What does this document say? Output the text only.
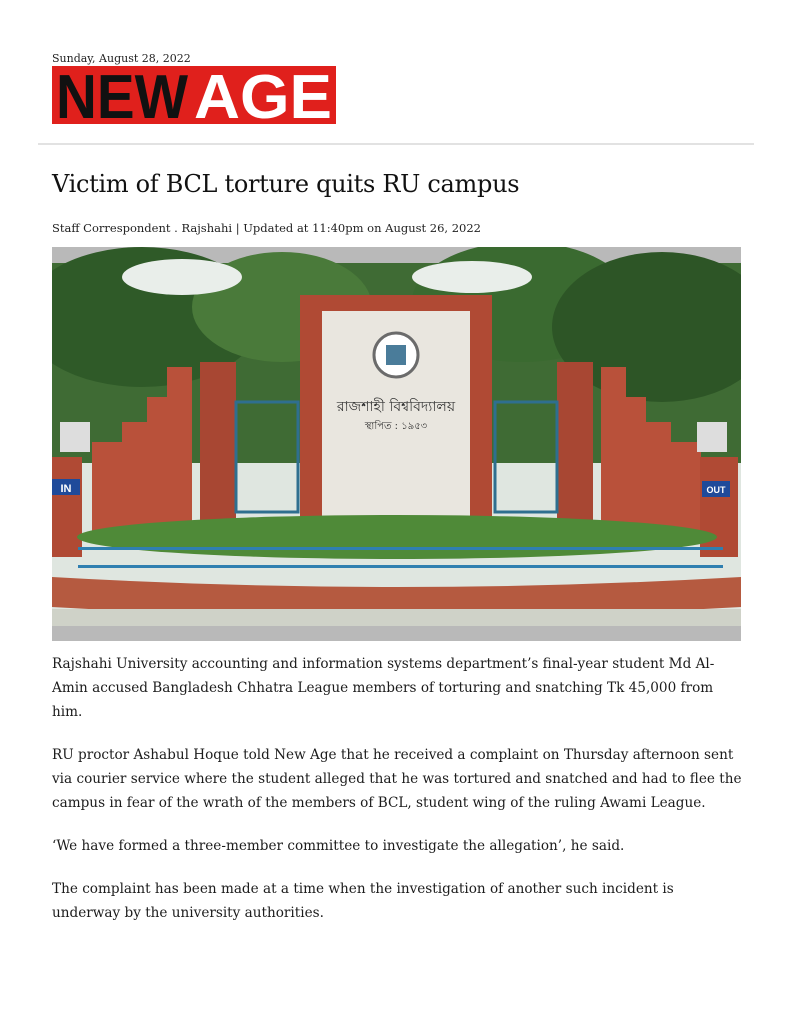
Sunday, August 28, 2022
NEW AGE
Victim of BCL torture quits RU campus
Staff Correspondent . Rajshahi | Updated at 11:40pm on August 26, 2022
রাজশাহী বিশ্ববিদ্যালয়
স্থাপিত : ১৯৫৩
IN	OUT

Rajshahi University accounting and information systems department’s final-year student Md Al-Amin accused Bangladesh Chhatra League members of torturing and snatching Tk 45,000 from him.

RU proctor Ashabul Hoque told New Age that he received a complaint on Thursday afternoon sent via courier service where the student alleged that he was tortured and snatched and had to flee the campus in fear of the wrath of the members of BCL, student wing of the ruling Awami League.

‘We have formed a three-member committee to investigate the allegation’, he said.

The complaint has been made at a time when the investigation of another such incident is underway by the university authorities.
